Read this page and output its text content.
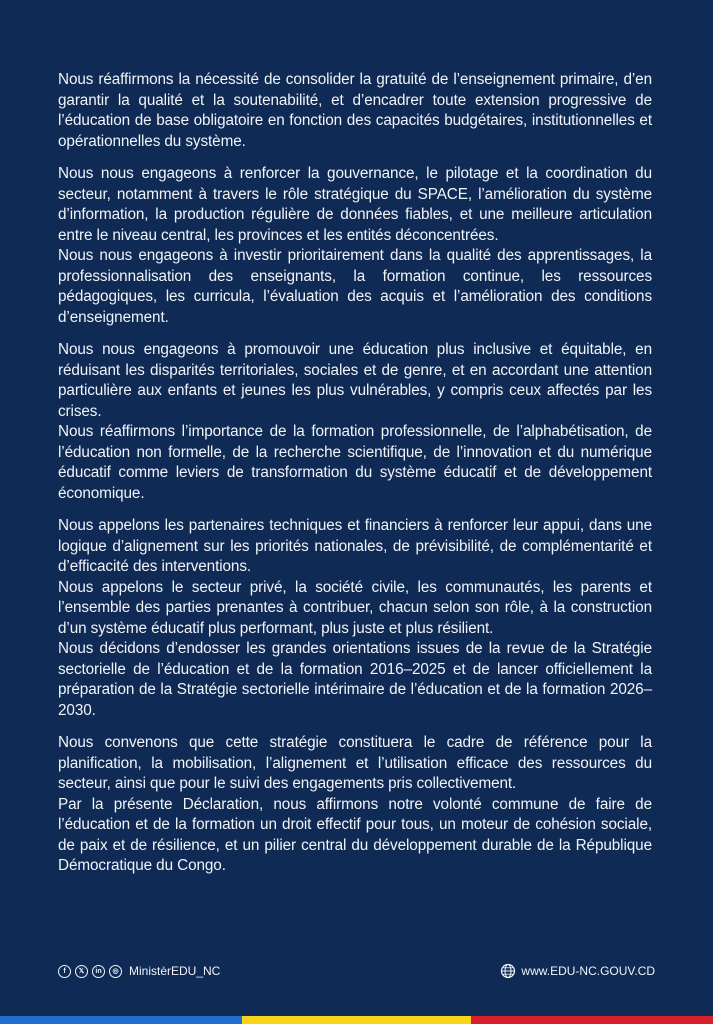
Nous réaffirmons la nécessité de consolider la gratuité de l’enseignement primaire, d’en garantir la qualité et la soutenabilité, et d’encadrer toute extension progressive de l’éducation de base obligatoire en fonction des capacités budgétaires, institutionnelles et opérationnelles du système.

Nous nous engageons à renforcer la gouvernance, le pilotage et la coordination du secteur, notamment à travers le rôle stratégique du SPACE, l’amélioration du système d’information, la production régulière de données fiables, et une meilleure articulation entre le niveau central, les provinces et les entités déconcentrées.

Nous nous engageons à investir prioritairement dans la qualité des apprentissages, la professionnalisation des enseignants, la formation continue, les ressources pédagogiques, les curricula, l’évaluation des acquis et l’amélioration des conditions d’enseignement.

Nous nous engageons à promouvoir une éducation plus inclusive et équitable, en réduisant les disparités territoriales, sociales et de genre, et en accordant une attention particulière aux enfants et jeunes les plus vulnérables, y compris ceux affectés par les crises.

Nous réaffirmons l’importance de la formation professionnelle, de l’alphabétisation, de l’éducation non formelle, de la recherche scientifique, de l’innovation et du numérique éducatif comme leviers de transformation du système éducatif et de développement économique.

Nous appelons les partenaires techniques et financiers à renforcer leur appui, dans une logique d’alignement sur les priorités nationales, de prévisibilité, de complémentarité et d’efficacité des interventions.

Nous appelons le secteur privé, la société civile, les communautés, les parents et l’ensemble des parties prenantes à contribuer, chacun selon son rôle, à la construction d’un système éducatif plus performant, plus juste et plus résilient.

Nous décidons d’endosser les grandes orientations issues de la revue de la Stratégie sectorielle de l’éducation et de la formation 2016–2025 et de lancer officiellement la préparation de la Stratégie sectorielle intérimaire de l’éducation et de la formation 2026–2030.

Nous convenons que cette stratégie constituera le cadre de référence pour la planification, la mobilisation, l’alignement et l’utilisation efficace des ressources du secteur, ainsi que pour le suivi des engagements pris collectivement.

Par la présente Déclaration, nous affirmons notre volonté commune de faire de l’éducation et de la formation un droit effectif pour tous, un moteur de cohésion sociale, de paix et de résilience, et un pilier central du développement durable de la République Démocratique du Congo.

f	𝕏	in	◎ MinistèrEDU_NC	www.EDU-NC.GOUV.CD
